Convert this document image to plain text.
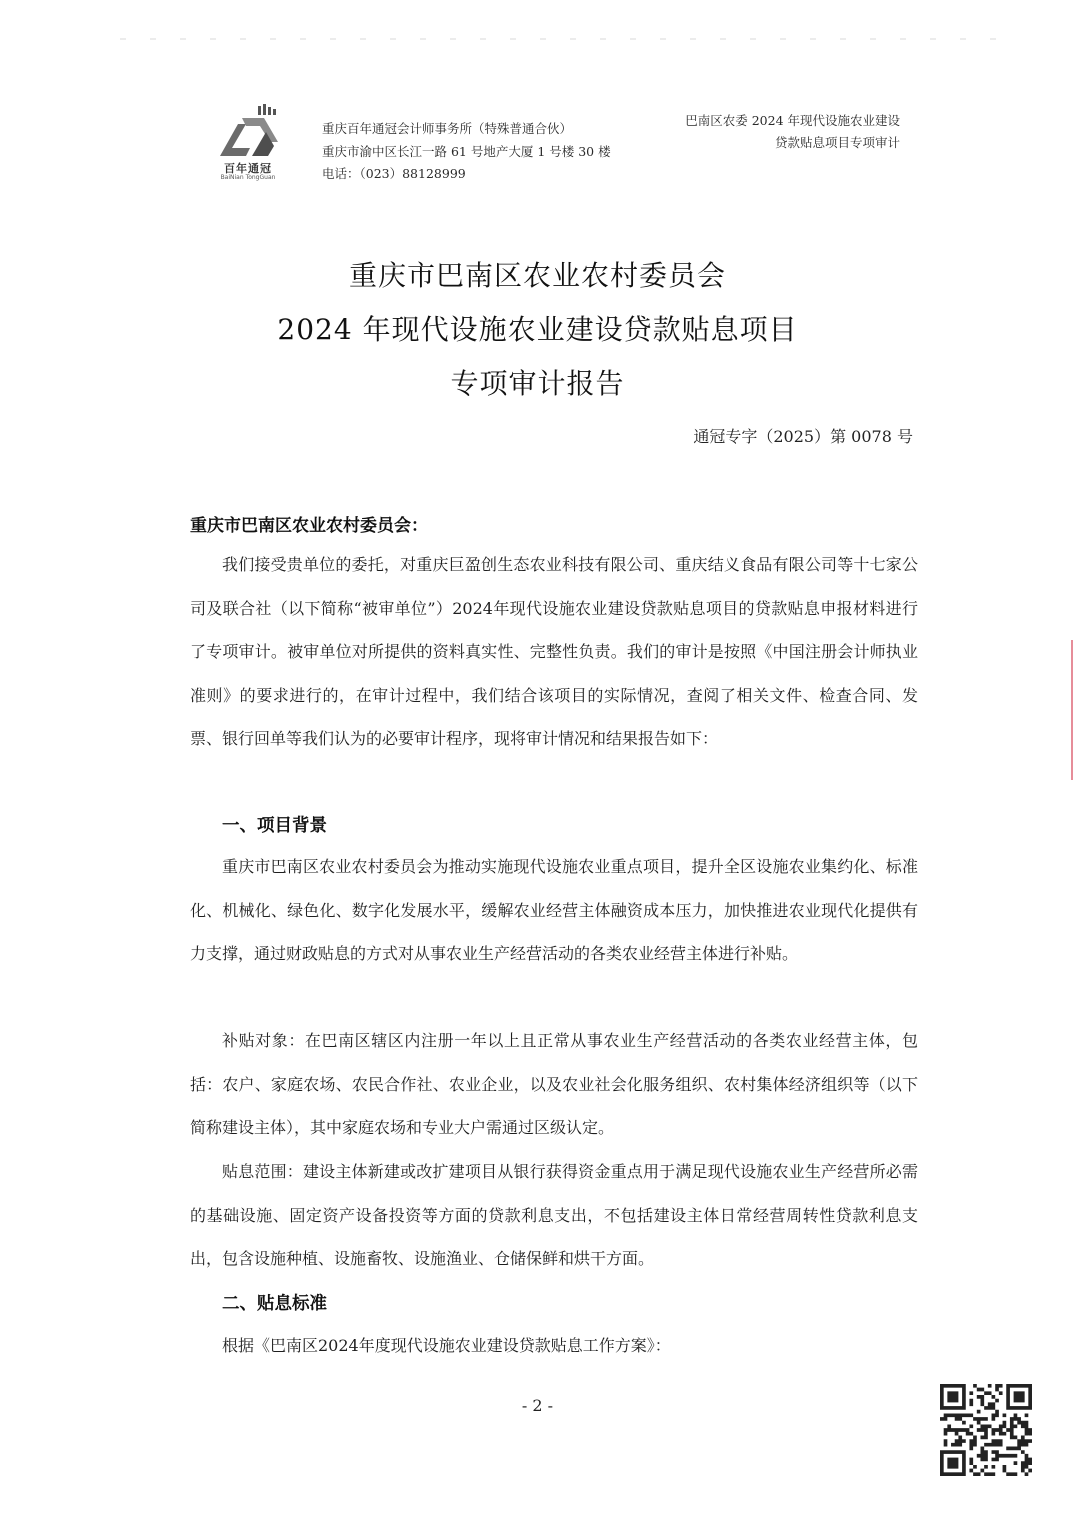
百年通冠
BaiNian TongGuan
重庆百年通冠会计师事务所（特殊普通合伙）
重庆市渝中区长江一路 61 号地产大厦 1 号楼 30 楼
电话：（023）88128999
巴南区农委 2024 年现代设施农业建设
贷款贴息项目专项审计
重庆市巴南区农业农村委员会
2024 年现代设施农业建设贷款贴息项目
专项审计报告
通冠专字（2025）第 0078 号
重庆市巴南区农业农村委员会：

我们接受贵单位的委托，对重庆巨盈创生态农业科技有限公司、重庆结义食品有限公司等十七家公司及联合社（以下简称“被审单位”）2024年现代设施农业建设贷款贴息项目的贷款贴息申报材料进行了专项审计。被审单位对所提供的资料真实性、完整性负责。我们的审计是按照《中国注册会计师执业准则》的要求进行的，在审计过程中，我们结合该项目的实际情况，查阅了相关文件、检查合同、发票、银行回单等我们认为的必要审计程序，现将审计情况和结果报告如下：

一、项目背景

重庆市巴南区农业农村委员会为推动实施现代设施农业重点项目，提升全区设施农业集约化、标准化、机械化、绿色化、数字化发展水平，缓解农业经营主体融资成本压力，加快推进农业现代化提供有力支撑，通过财政贴息的方式对从事农业生产经营活动的各类农业经营主体进行补贴。

补贴对象：在巴南区辖区内注册一年以上且正常从事农业生产经营活动的各类农业经营主体，包括：农户、家庭农场、农民合作社、农业企业，以及农业社会化服务组织、农村集体经济组织等（以下简称建设主体），其中家庭农场和专业大户需通过区级认定。

贴息范围：建设主体新建或改扩建项目从银行获得资金重点用于满足现代设施农业生产经营所必需的基础设施、固定资产设备投资等方面的贷款利息支出，不包括建设主体日常经营周转性贷款利息支出，包含设施种植、设施畜牧、设施渔业、仓储保鲜和烘干方面。

二、贴息标准

根据《巴南区2024年度现代设施农业建设贷款贴息工作方案》：

- 2 -
